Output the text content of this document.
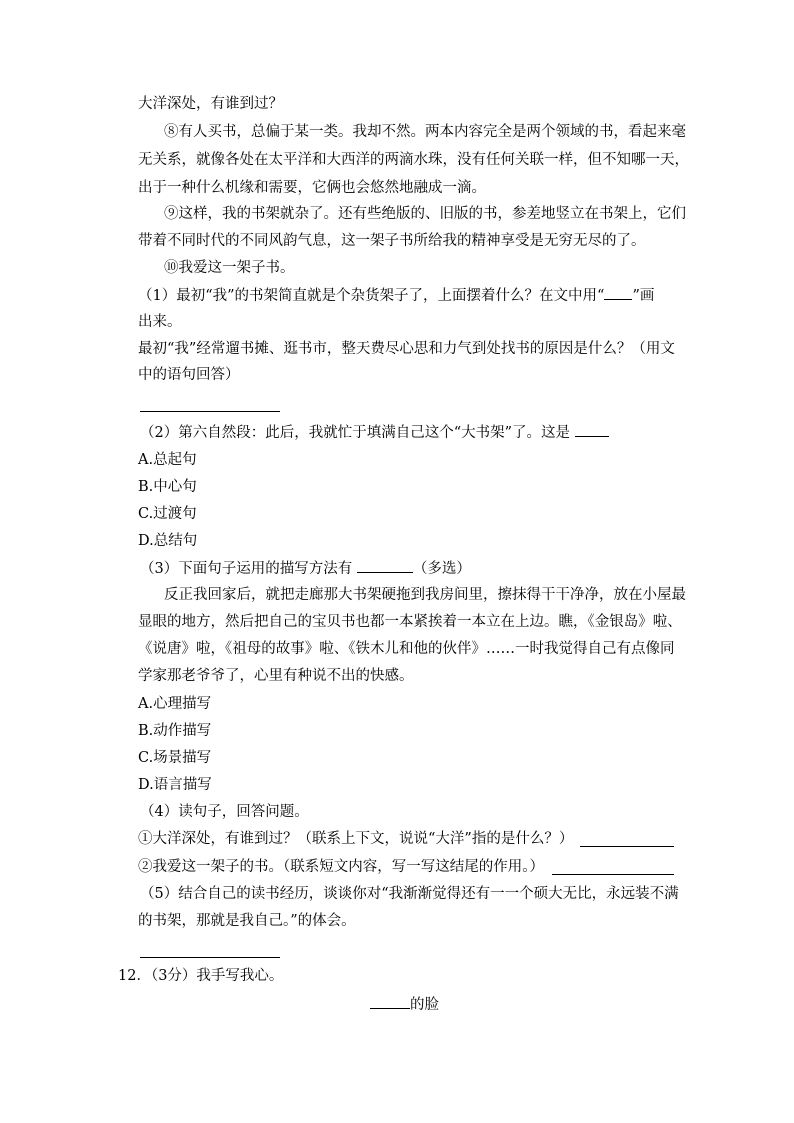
大洋深处，有谁到过？
⑧有人买书，总偏于某一类。我却不然。两本内容完全是两个领域的书，看起来毫
无关系，就像各处在太平洋和大西洋的两滴水珠，没有任何关联一样，但不知哪一天，
出于一种什么机缘和需要，它俩也会悠然地融成一滴。
⑨这样，我的书架就杂了。还有些绝版的、旧版的书，参差地竖立在书架上，它们
带着不同时代的不同风韵气息，这一架子书所给我的精神享受是无穷无尽的了。
⑩我爱这一架子书。
（1）最初“我”的书架简直就是个杂货架子了，上面摆着什么？在文中用“ ”画
出来。
最初“我”经常遛书摊、逛书市，整天费尽心思和力气到处找书的原因是什么？（用文
中的语句回答）
（2）第六自然段：此后，我就忙于填满自己这个“大书架”了。这是
A.总起句
B.中心句
C.过渡句
D.总结句
（3）下面句子运用的描写方法有	（多选）
反正我回家后，就把走廊那大书架硬拖到我房间里，擦抹得干干净净，放在小屋最
显眼的地方，然后把自己的宝贝书也都一本紧挨着一本立在上边。瞧，《金银岛》啦、
《说唐》啦，《祖母的故事》啦、《铁木儿和他的伙伴》……一时我觉得自己有点像同
学家那老爷爷了，心里有种说不出的快感。
A.心理描写
B.动作描写
C.场景描写
D.语言描写
（4）读句子，回答问题。
①大洋深处，有谁到过？（联系上下文，说说“大洋”指的是什么？）
②我爱这一架子的书。（联系短文内容，写一写这结尾的作用。）
（5）结合自己的读书经历，谈谈你对“我渐渐觉得还有一一个硕大无比，永远装不满
的书架，那就是我自己。”的体会。
12．（3分）我手写我心。
的脸
